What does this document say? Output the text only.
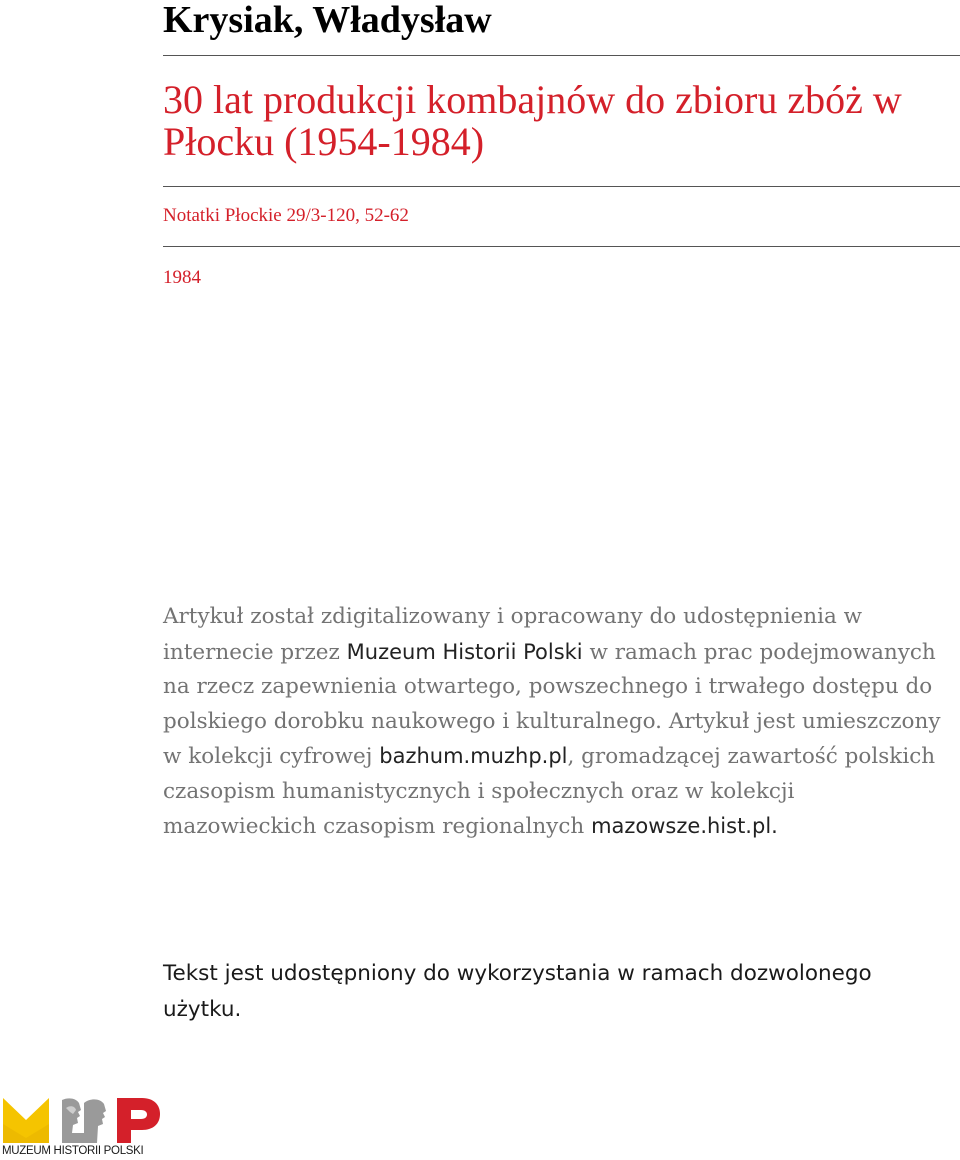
Krysiak, Władysław
30 lat produkcji kombajnów do zbioru zbóż w Płocku (1954-1984)
Notatki Płockie 29/3-120, 52-62
1984
Artykuł został zdigitalizowany i opracowany do udostępnienia w internecie przez Muzeum Historii Polski w ramach prac podejmowanych na rzecz zapewnienia otwartego, powszechnego i trwałego dostępu do polskiego dorobku naukowego i kulturalnego. Artykuł jest umieszczony w kolekcji cyfrowej bazhum.muzhp.pl, gromadzącej zawartość polskich czasopism humanistycznych i społecznych oraz w kolekcji mazowieckich czasopism regionalnych mazowsze.hist.pl.
Tekst jest udostępniony do wykorzystania w ramach dozwolonego użytku.
MUZEUM HISTORII POLSKI
